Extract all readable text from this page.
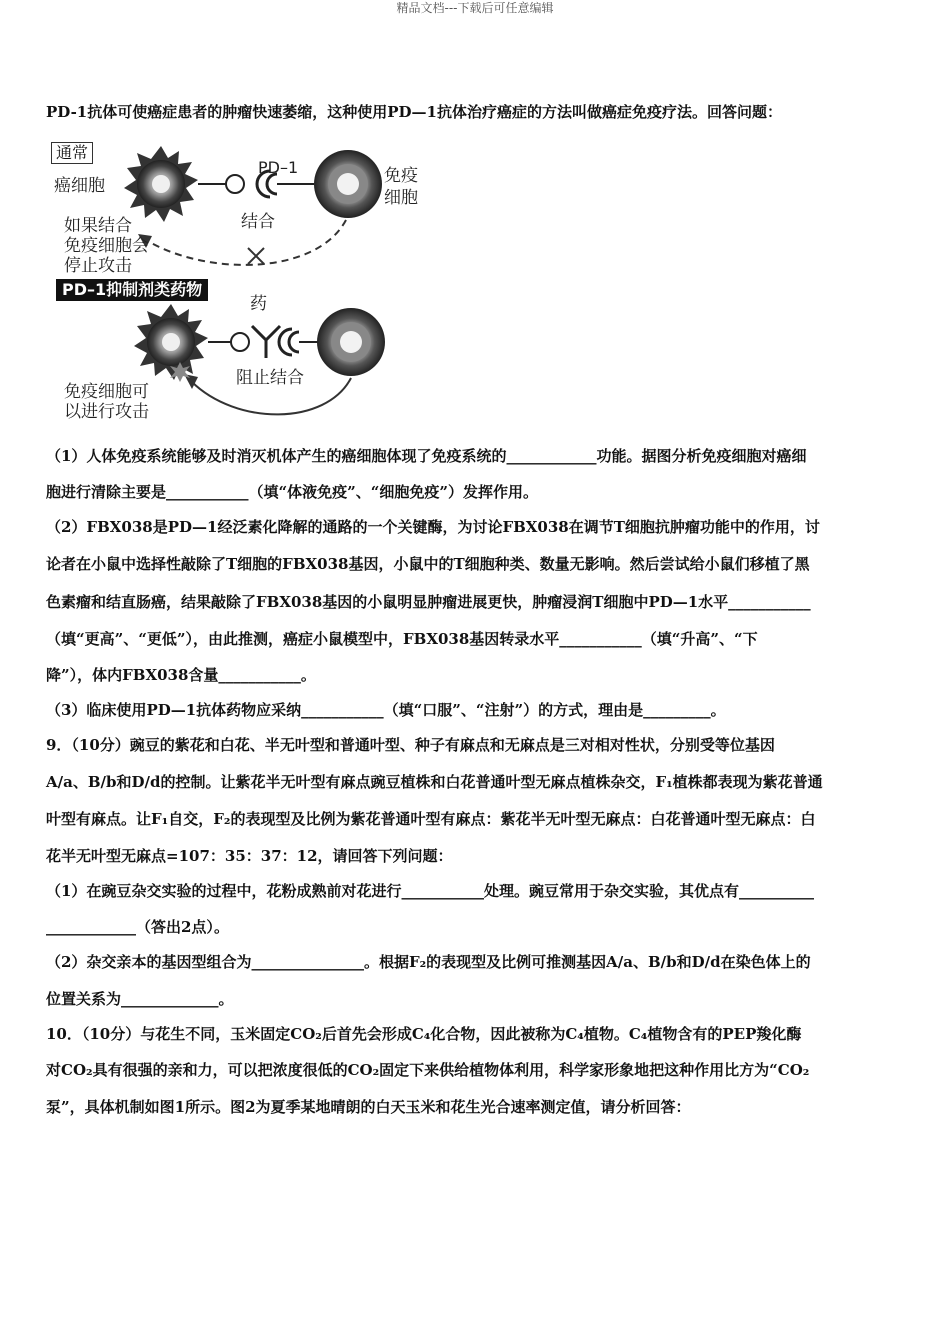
精品文档---下载后可任意编辑
PD-1抗体可使癌症患者的肿瘤快速萎缩，这种使用PD—1抗体治疗癌症的方法叫做癌症免疫疗法。回答问题：
通常
癌细胞
PD–1	免疫
细胞
结合
如果结合
免疫细胞会
停止攻击
PD–1抑制剂类药物
药
阻止结合
免疫细胞可
以进行攻击
（1）人体免疫系统能够及时消灭机体产生的癌细胞体现了免疫系统的____________功能。据图分析免疫细胞对癌细
胞进行清除主要是___________（填“体液免疫”、“细胞免疫”）发挥作用。
（2）FBX038是PD—1经泛素化降解的通路的一个关键酶，为讨论FBX038在调节T细胞抗肿瘤功能中的作用，讨
论者在小鼠中选择性敲除了T细胞的FBX038基因，小鼠中的T细胞种类、数量无影响。然后尝试给小鼠们移植了黑
色素瘤和结直肠癌，结果敲除了FBX038基因的小鼠明显肿瘤进展更快，肿瘤浸润T细胞中PD—1水平___________
（填“更高”、“更低”），由此推测，癌症小鼠模型中，FBX038基因转录水平___________（填“升高”、“下
降”），体内FBX038含量___________。
（3）临床使用PD—1抗体药物应采纳___________（填“口服”、“注射”）的方式，理由是_________。
9．（10分）豌豆的紫花和白花、半无叶型和普通叶型、种子有麻点和无麻点是三对相对性状，分别受等位基因
A/a、B/b和D/d的控制。让紫花半无叶型有麻点豌豆植株和白花普通叶型无麻点植株杂交，F₁植株都表现为紫花普通
叶型有麻点。让F₁自交，F₂的表现型及比例为紫花普通叶型有麻点：紫花半无叶型无麻点：白花普通叶型无麻点：白
花半无叶型无麻点=107：35：37：12，请回答下列问题：
（1）在豌豆杂交实验的过程中，花粉成熟前对花进行___________处理。豌豆常用于杂交实验，其优点有__________
____________（答出2点）。
（2）杂交亲本的基因型组合为_______________。根据F₂的表现型及比例可推测基因A/a、B/b和D/d在染色体上的
位置关系为_____________。
10．（10分）与花生不同，玉米固定CO₂后首先会形成C₄化合物，因此被称为C₄植物。C₄植物含有的PEP羧化酶
对CO₂具有很强的亲和力，可以把浓度很低的CO₂固定下来供给植物体利用，科学家形象地把这种作用比方为“CO₂
泵”，具体机制如图1所示。图2为夏季某地晴朗的白天玉米和花生光合速率测定值，请分析回答：
